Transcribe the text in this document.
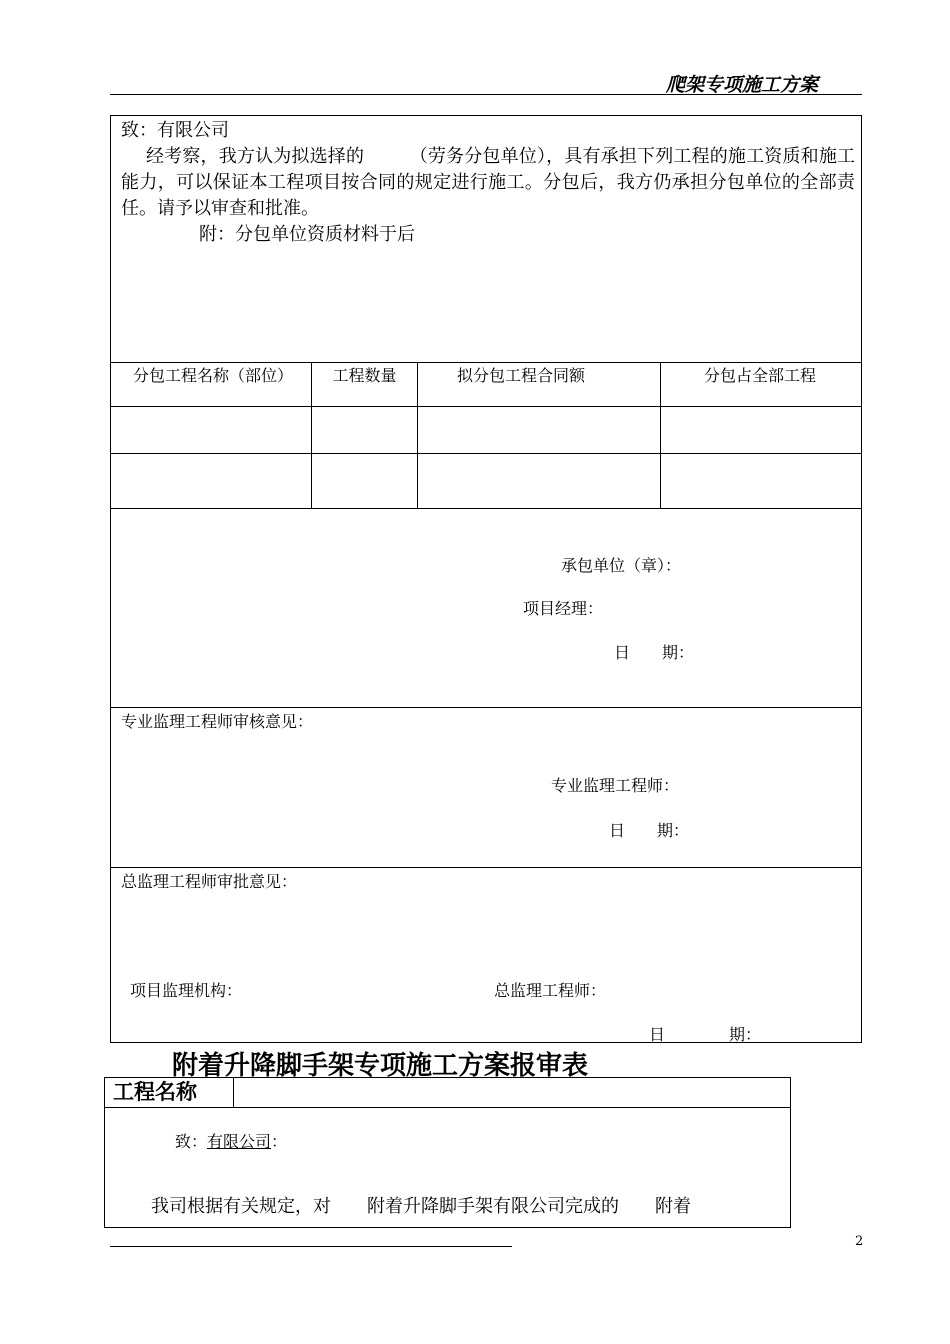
爬架专项施工方案
致：有限公司
经考察，我方认为拟选择的　　　（劳务分包单位），具有承担下列工程的施工资质和施工能力，可以保证本工程项目按合同的规定进行施工。分包后，我方仍承担分包单位的全部责任。请予以审查和批准。
附：分包单位资质材料于后
分包工程名称（部位）	工程数量	拟分包工程合同额	分包占全部工程
承包单位（章）：
项目经理：
日　　期：
专业监理工程师审核意见：
专业监理工程师：
日　　期：
总监理工程师审批意见：
项目监理机构：	总监理工程师：
日　　　　期：
附着升降脚手架专项施工方案报审表
工程名称
致：有限公司：
我司根据有关规定，对　　附着升降脚手架有限公司完成的　　附着
2
